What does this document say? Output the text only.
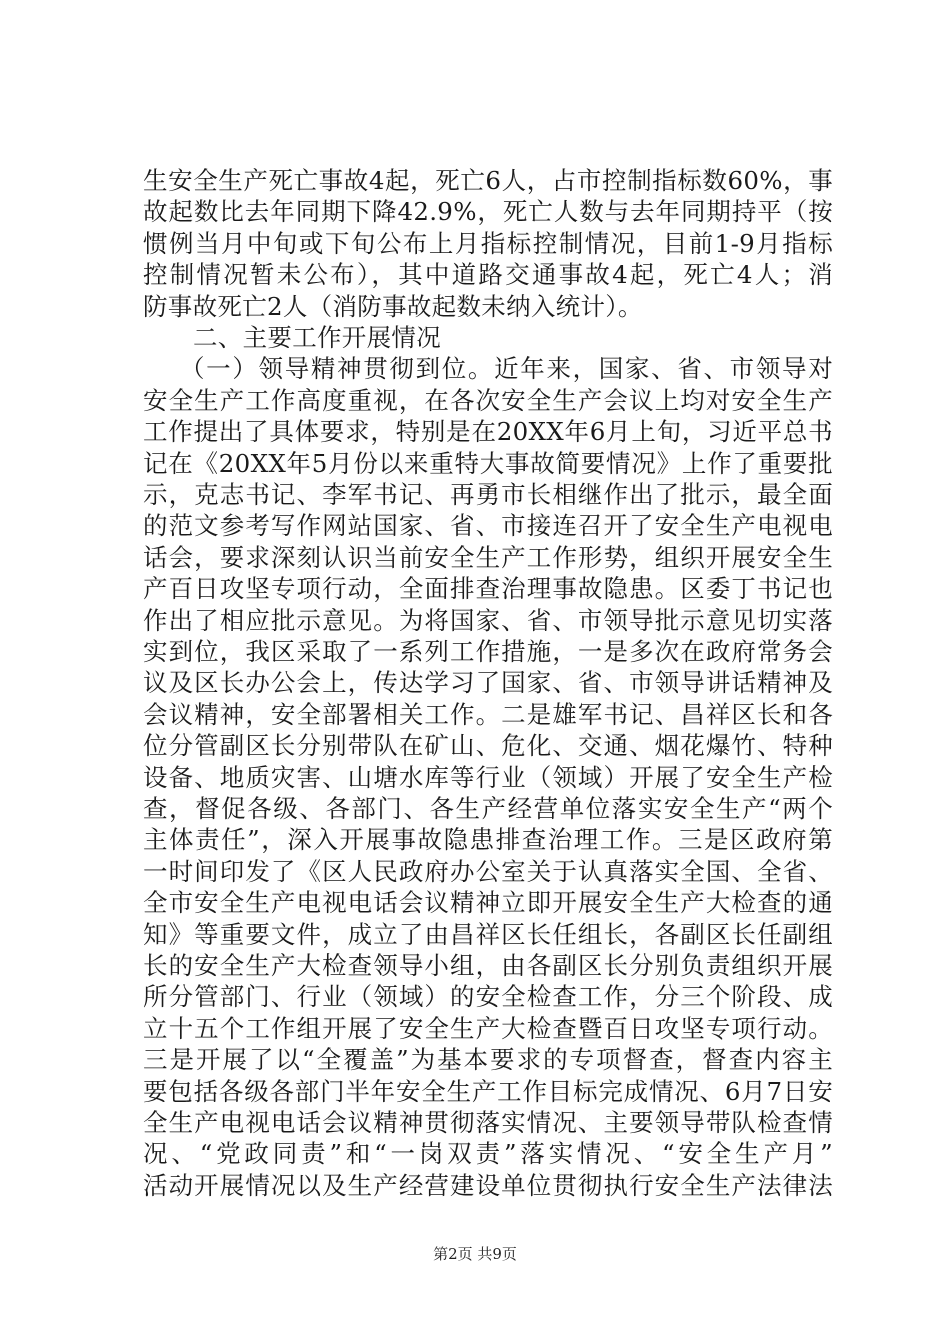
生安全生产死亡事故4起，死亡6人，占市控制指标数60%，事
故起数比去年同期下降42.9%，死亡人数与去年同期持平（按
惯例当月中旬或下旬公布上月指标控制情况，目前1-9月指标
控制情况暂未公布），其中道路交通事故4起，死亡4人；消
防事故死亡2人（消防事故起数未纳入统计）。
二、主要工作开展情况
（一）领导精神贯彻到位。近年来，国家、省、市领导对
安全生产工作高度重视，在各次安全生产会议上均对安全生产
工作提出了具体要求，特别是在20XX年6月上旬，习近平总书
记在《20XX年5月份以来重特大事故简要情况》上作了重要批
示，克志书记、李军书记、再勇市长相继作出了批示，最全面
的范文参考写作网站国家、省、市接连召开了安全生产电视电
话会，要求深刻认识当前安全生产工作形势，组织开展安全生
产百日攻坚专项行动，全面排查治理事故隐患。区委丁书记也
作出了相应批示意见。为将国家、省、市领导批示意见切实落
实到位，我区采取了一系列工作措施，一是多次在政府常务会
议及区长办公会上，传达学习了国家、省、市领导讲话精神及
会议精神，安全部署相关工作。二是雄军书记、昌祥区长和各
位分管副区长分别带队在矿山、危化、交通、烟花爆竹、特种
设备、地质灾害、山塘水库等行业（领域）开展了安全生产检
查，督促各级、各部门、各生产经营单位落实安全生产“两个
主体责任”，深入开展事故隐患排查治理工作。三是区政府第
一时间印发了《区人民政府办公室关于认真落实全国、全省、
全市安全生产电视电话会议精神立即开展安全生产大检查的通
知》等重要文件，成立了由昌祥区长任组长，各副区长任副组
长的安全生产大检查领导小组，由各副区长分别负责组织开展
所分管部门、行业（领域）的安全检查工作，分三个阶段、成
立十五个工作组开展了安全生产大检查暨百日攻坚专项行动。
三是开展了以“全覆盖”为基本要求的专项督查，督查内容主
要包括各级各部门半年安全生产工作目标完成情况、6月7日安
全生产电视电话会议精神贯彻落实情况、主要领导带队检查情
况、“党政同责”和“一岗双责”落实情况、“安全生产月”
活动开展情况以及生产经营建设单位贯彻执行安全生产法律法
第2页 共9页
